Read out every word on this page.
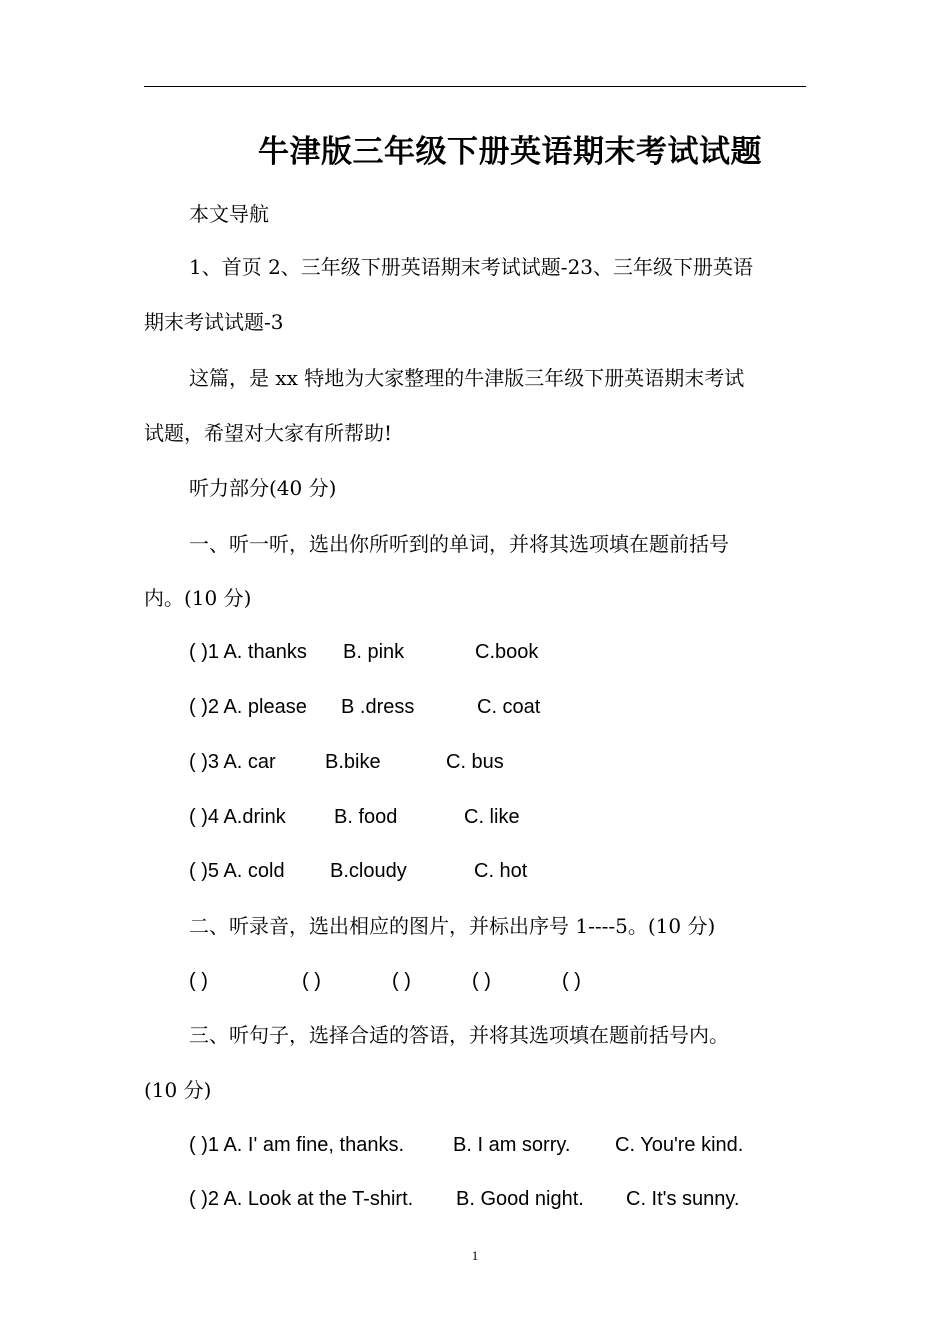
牛津版三年级下册英语期末考试试题
本文导航
1、首页 2、三年级下册英语期末考试试题-23、三年级下册英语
期末考试试题-3
这篇，是 xx 特地为大家整理的牛津版三年级下册英语期末考试
试题，希望对大家有所帮助!
听力部分(40 分)
一、听一听，选出你所听到的单词，并将其选项填在题前括号
内。(10 分)
( )1 A. thanks B. pink	C.book
( )2 A. please B .dress	C. coat
( )3 A. car B.bike	C. bus
( )4 A.drink B. food	C. like
( )5 A. cold B.cloudy	C. hot
二、听录音，选出相应的图片，并标出序号 1----5。(10 分)
( )	( )	( )	( )	( )
三、听句子，选择合适的答语，并将其选项填在题前括号内。
(10 分)
( )1 A. I' am fine, thanks. B. I am sorry. C. You're kind.
( )2 A. Look at the T-shirt. B. Good night. C. It's sunny.
1
